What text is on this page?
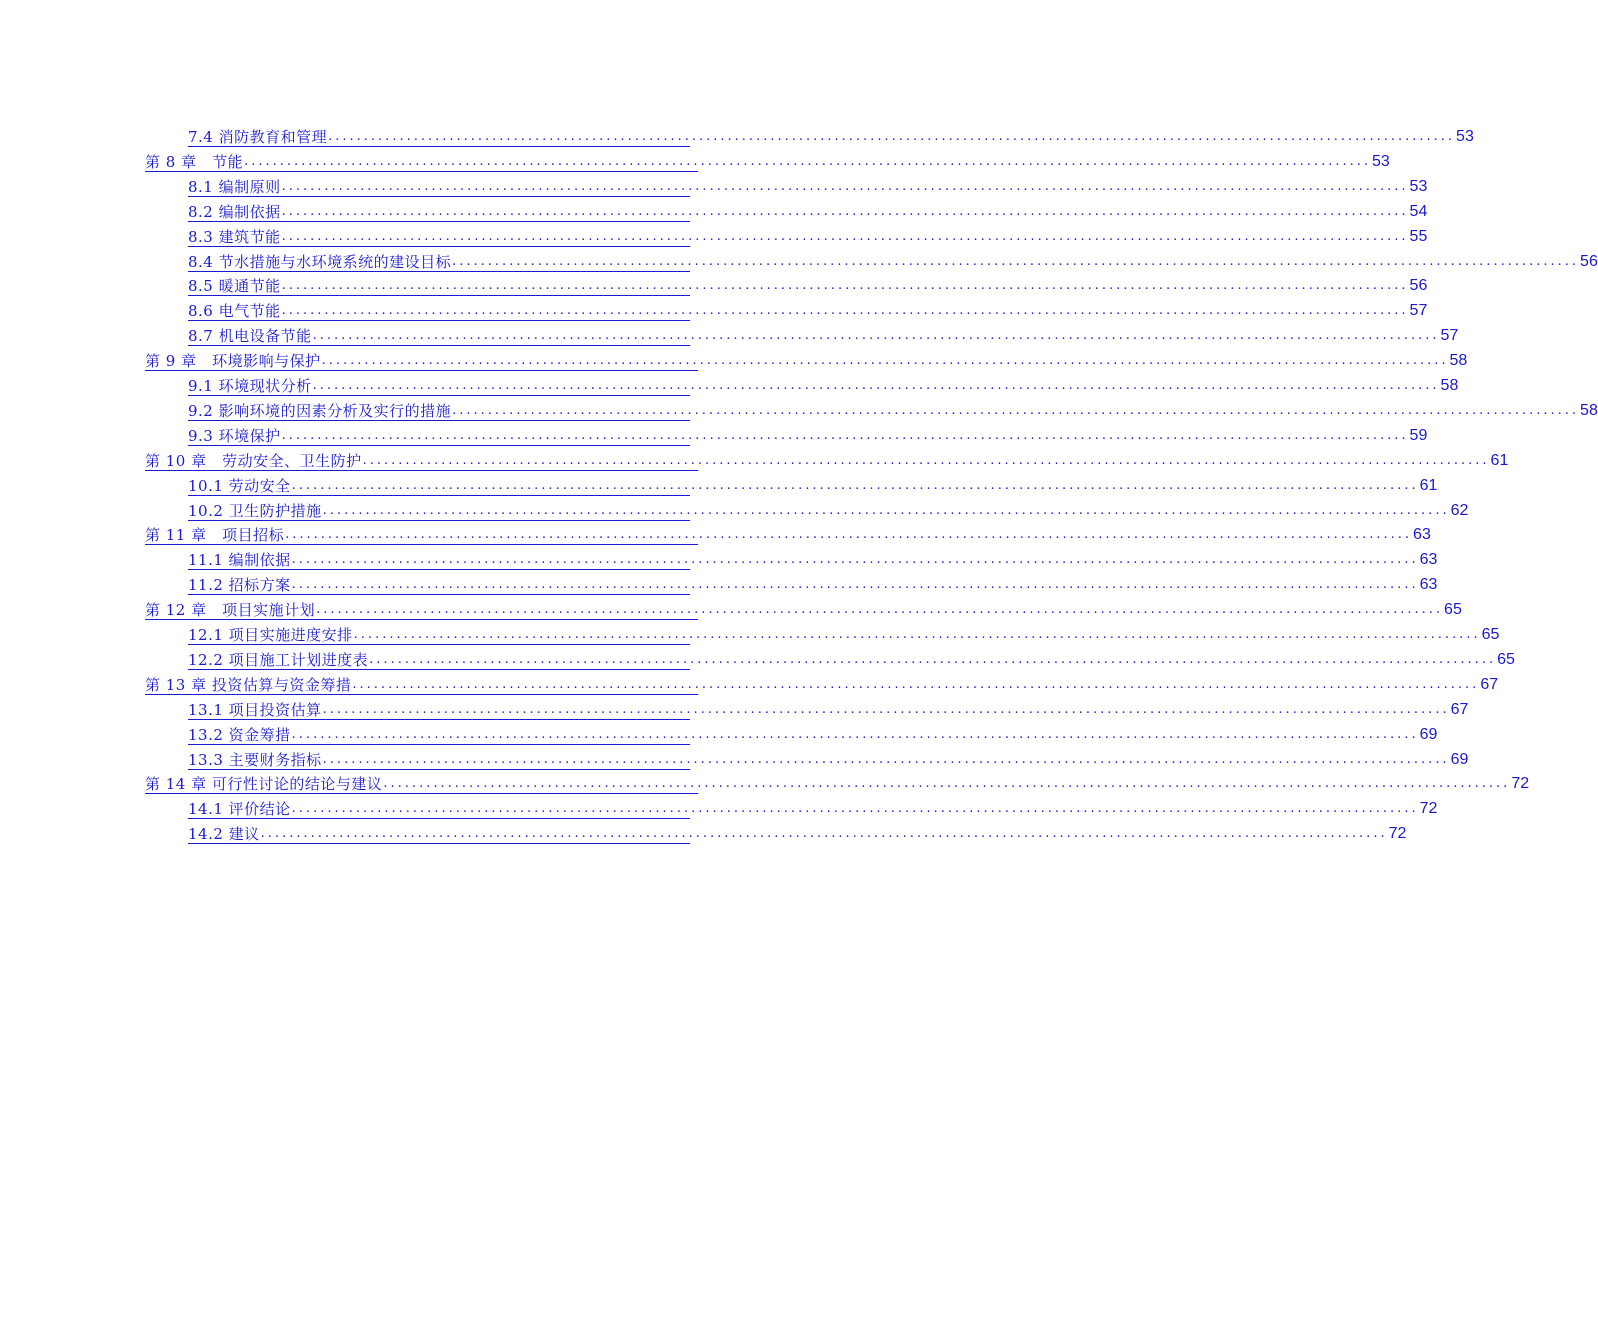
7.4 消防教育和管理 .............................................................................................................................................................. 53
第 8 章　节能 .............................................................................................................................................................. 53
8.1 编制原则 .............................................................................................................................................................. 53
8.2 编制依据 .............................................................................................................................................................. 54
8.3 建筑节能 .............................................................................................................................................................. 55
8.4 节水措施与水环境系统的建设目标 .............................................................................................................................................................. 56
8.5 暖通节能 .............................................................................................................................................................. 56
8.6 电气节能 .............................................................................................................................................................. 57
8.7 机电设备节能 .............................................................................................................................................................. 57
第 9 章　环境影响与保护 .............................................................................................................................................................. 58
9.1 环境现状分析 .............................................................................................................................................................. 58
9.2 影响环境的因素分析及实行的措施 .............................................................................................................................................................. 58
9.3 环境保护 .............................................................................................................................................................. 59
第 10 章　劳动安全、卫生防护 .............................................................................................................................................................. 61
10.1 劳动安全 .............................................................................................................................................................. 61
10.2 卫生防护措施 .............................................................................................................................................................. 62
第 11 章　项目招标 .............................................................................................................................................................. 63
11.1 编制依据 .............................................................................................................................................................. 63
11.2 招标方案 .............................................................................................................................................................. 63
第 12 章　项目实施计划 .............................................................................................................................................................. 65
12.1 项目实施进度安排 .............................................................................................................................................................. 65
12.2 项目施工计划进度表 .............................................................................................................................................................. 65
第 13 章 投资估算与资金筹措 .............................................................................................................................................................. 67
13.1 项目投资估算 .............................................................................................................................................................. 67
13.2 资金筹措 .............................................................................................................................................................. 69
13.3 主要财务指标 .............................................................................................................................................................. 69
第 14 章 可行性讨论的结论与建议 .............................................................................................................................................................. 72
14.1 评价结论 .............................................................................................................................................................. 72
14.2 建议 .............................................................................................................................................................. 72
